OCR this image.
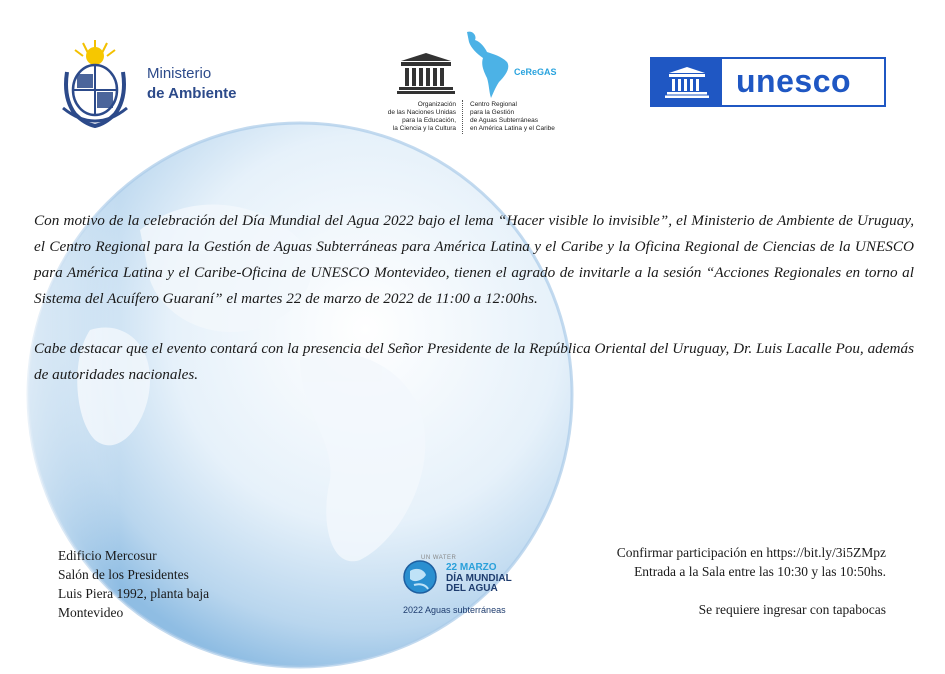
Ministerio
de Ambiente
Organización
de las Naciones Unidas
para la Educación,
la Ciencia y la Cultura
CeReGAS
Centro Regional
para la Gestión
de Aguas Subterráneas
en América Latina y el Caribe
unesco

Con motivo de la celebración del Día Mundial del Agua 2022 bajo el lema “Hacer visible lo invisible”, el Ministerio de Ambiente de Uruguay, el Centro Regional para la Gestión de Aguas Subterráneas para América Latina y el Caribe y la Oficina Regional de Ciencias de la UNESCO para América Latina y el Caribe-Oficina de UNESCO Montevideo, tienen el agrado de invitarle a la sesión “Acciones Regionales en torno al Sistema del Acuífero Guaraní” el martes 22 de marzo de 2022 de 11:00 a 12:00hs.

Cabe destacar que el evento contará con la presencia del Señor Presidente de la República Oriental del Uruguay, Dr. Luis Lacalle Pou, además de autoridades nacionales.

Edificio Mercosur
Salón de los Presidentes
Luis Piera 1992, planta baja
Montevideo
UN WATER
22 MARZO
DÍA MUNDIAL
DEL AGUA
2022 Aguas subterráneas
Confirmar participación en https://bit.ly/3i5ZMpz
Entrada a la Sala entre las 10:30 y las 10:50hs.
Se requiere ingresar con tapabocas
